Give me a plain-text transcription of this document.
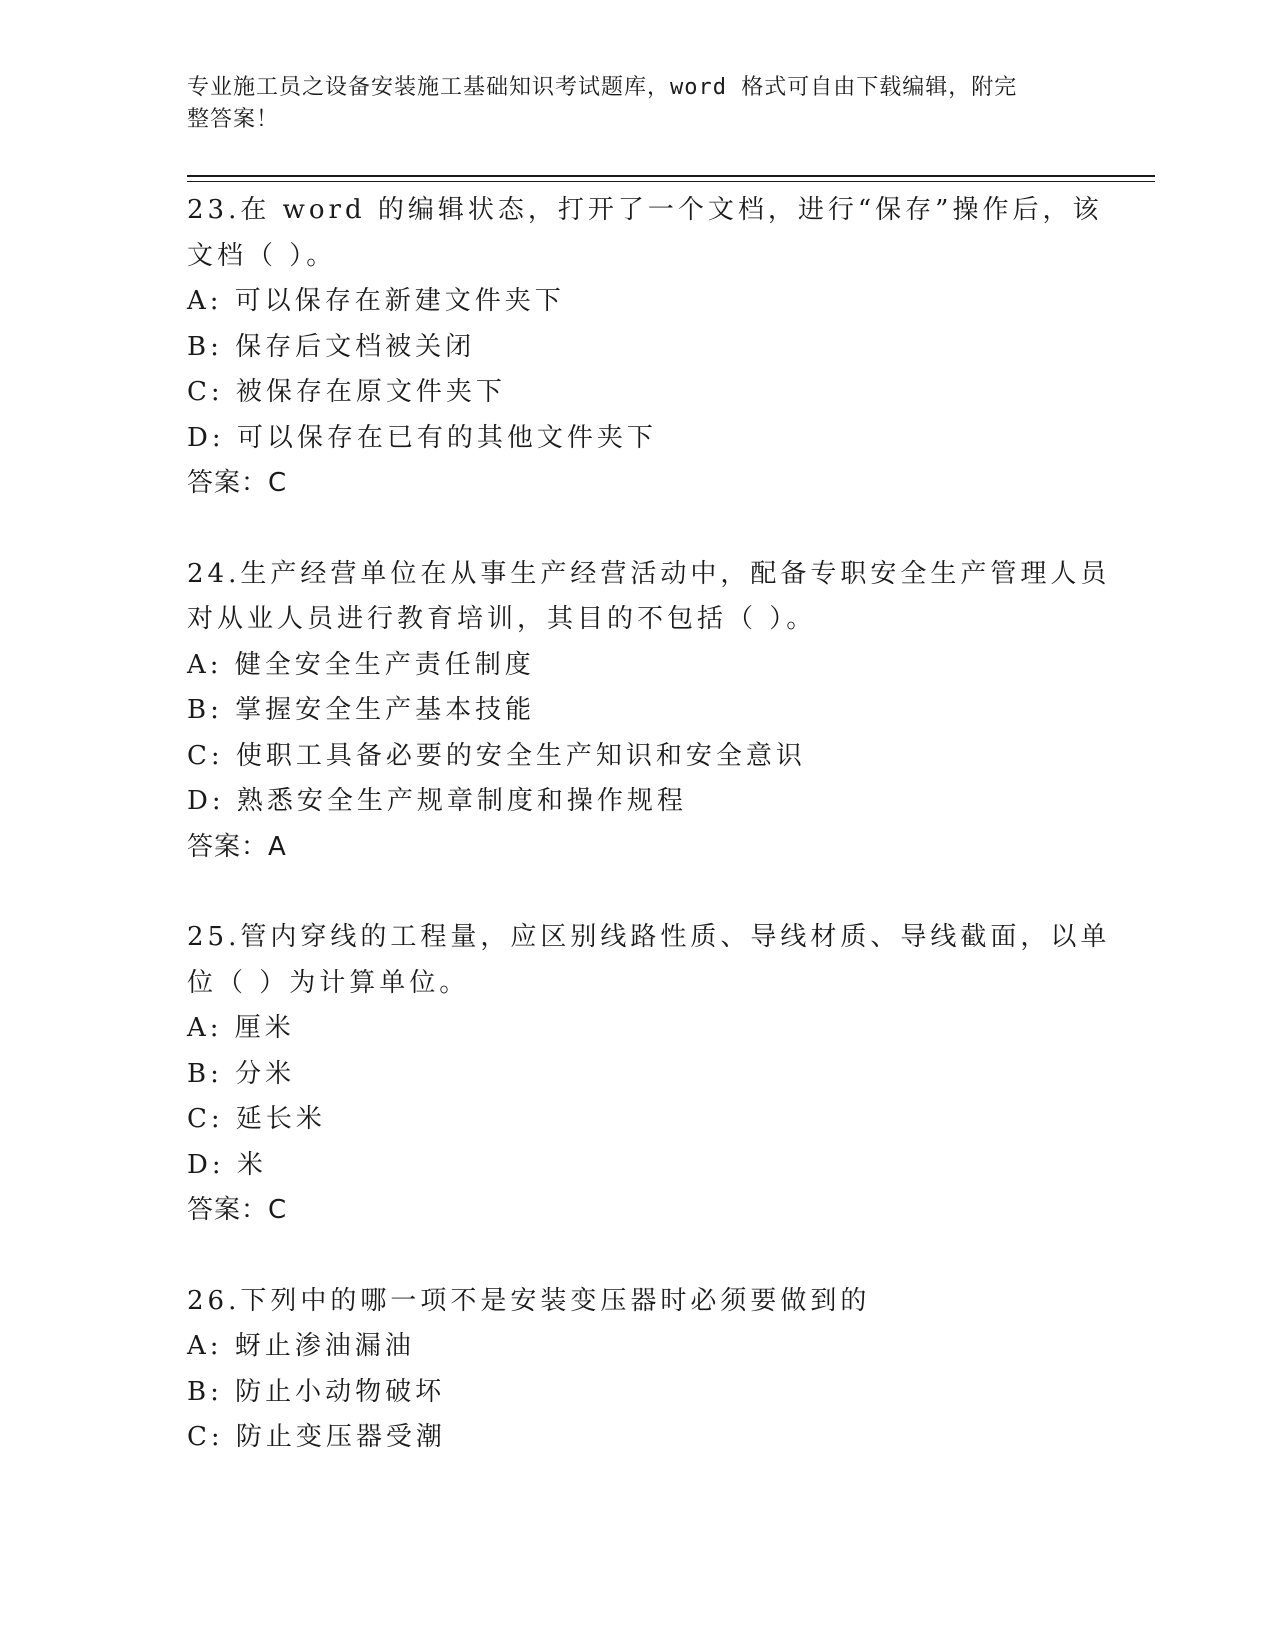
专业施工员之设备安装施工基础知识考试题库，word 格式可自由下载编辑，附完
整答案！
23.在 word 的编辑状态，打开了一个文档，进行“保存”操作后，该
文档（ ）。
A: 可以保存在新建文件夹下
B: 保存后文档被关闭
C: 被保存在原文件夹下
D: 可以保存在已有的其他文件夹下
答案：C
24.生产经营单位在从事生产经营活动中，配备专职安全生产管理人员
对从业人员进行教育培训，其目的不包括（ ）。
A: 健全安全生产责任制度
B: 掌握安全生产基本技能
C: 使职工具备必要的安全生产知识和安全意识
D: 熟悉安全生产规章制度和操作规程
答案：A
25.管内穿线的工程量，应区别线路性质、导线材质、导线截面，以单
位（ ）为计算单位。
A: 厘米
B: 分米
C: 延长米
D: 米
答案：C
26.下列中的哪一项不是安装变压器时必须要做到的
A: 蚜止渗油漏油
B: 防止小动物破坏
C: 防止变压器受潮
